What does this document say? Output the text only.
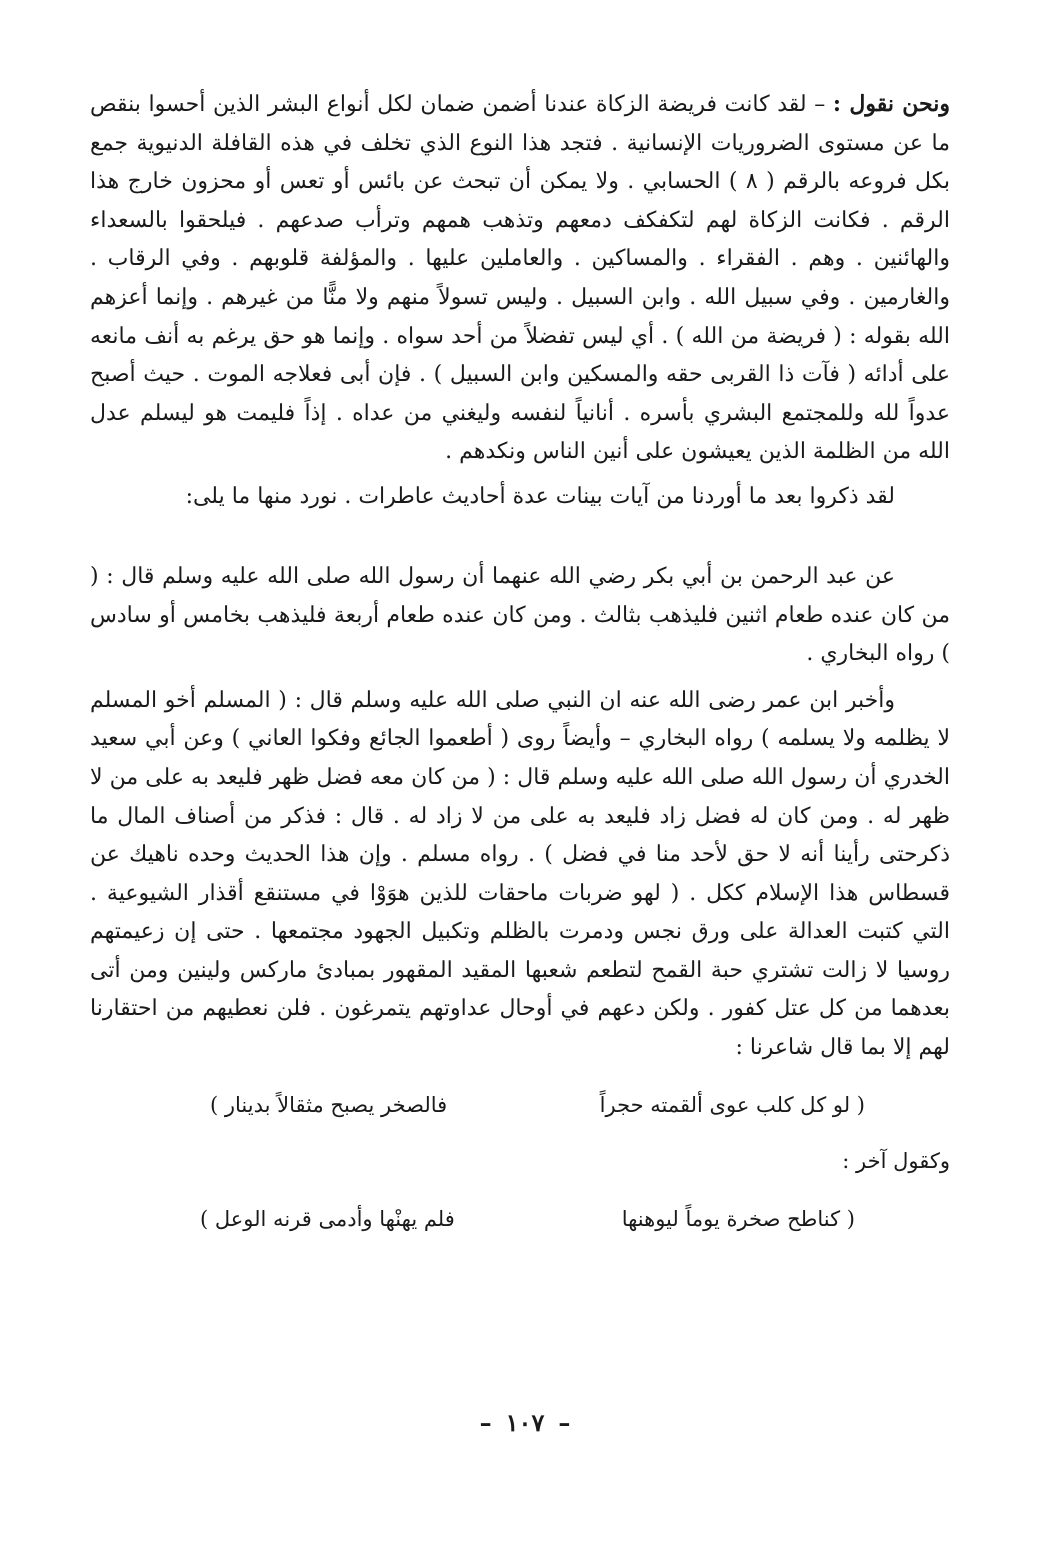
ونحن نقول : – لقد كانت فريضة الزكاة عندنا أضمن ضمان لكل أنواع البشر الذين أحسوا بنقص ما عن مستوى الضروريات الإنسانية . فتجد هذا النوع الذي تخلف في هذه القافلة الدنيوية جمع بكل فروعه بالرقم ( ٨ ) الحسابي . ولا يمكن أن تبحث عن بائس أو تعس أو محزون خارج هذا الرقم . فكانت الزكاة لهم لتكفكف دمعهم وتذهب همهم وترأب صدعهم . فيلحقوا بالسعداء والهائنين . وهم . الفقراء . والمساكين . والعاملين عليها . والمؤلفة قلوبهم . وفي الرقاب . والغارمين . وفي سبيل الله . وابن السبيل . وليس تسولاً منهم ولا منًّا من غيرهم . وإنما أعزهم الله بقوله : ( فريضة من الله ) . أي ليس تفضلاً من أحد سواه . وإنما هو حق يرغم به أنف مانعه على أدائه ( فآت ذا القربى حقه والمسكين وابن السبيل ) . فإن أبى فعلاجه الموت . حيث أصبح عدواً لله وللمجتمع البشري بأسره . أنانياً لنفسه وليغني من عداه . إذاً فليمت هو ليسلم عدل الله من الظلمة الذين يعيشون على أنين الناس ونكدهم .

لقد ذكروا بعد ما أوردنا من آيات بينات عدة أحاديث عاطرات . نورد منها ما يلى:

عن عبد الرحمن بن أبي بكر رضي الله عنهما أن رسول الله صلى الله عليه وسلم قال : ( من كان عنده طعام اثنين فليذهب بثالث . ومن كان عنده طعام أربعة فليذهب بخامس أو سادس ) رواه البخاري .

وأخبر ابن عمر رضى الله عنه ان النبي صلى الله عليه وسلم قال : ( المسلم أخو المسلم لا يظلمه ولا يسلمه ) رواه البخاري – وأيضاً روى ( أطعموا الجائع وفكوا العاني ) وعن أبي سعيد الخدري أن رسول الله صلى الله عليه وسلم قال : ( من كان معه فضل ظهر فليعد به على من لا ظهر له . ومن كان له فضل زاد فليعد به على من لا زاد له . قال : فذكر من أصناف المال ما ذكرحتى رأينا أنه لا حق لأحد منا في فضل ) . رواه مسلم . وإن هذا الحديث وحده ناهيك عن قسطاس هذا الإسلام ككل . ( لهو ضربات ماحقات للذين هوَوْا في مستنقع أقذار الشيوعية . التي كتبت العدالة على ورق نجس ودمرت بالظلم وتكبيل الجهود مجتمعها . حتى إن زعيمتهم روسيا لا زالت تشتري حبة القمح لتطعم شعبها المقيد المقهور بمبادئ ماركس ولينين ومن أتى بعدهما من كل عتل كفور . ولكن دعهم في أوحال عداوتهم يتمرغون . فلن نعطيهم من احتقارنا لهم إلا بما قال شاعرنا :

( لو كل كلب عوى ألقمته حجراً
فالصخر يصبح مثقالاً بدينار )

وكقول آخر :

( كناطح صخرة يوماً ليوهنها
فلم يهنْها وأدمى قرنه الوعل )
–١٠٧–
